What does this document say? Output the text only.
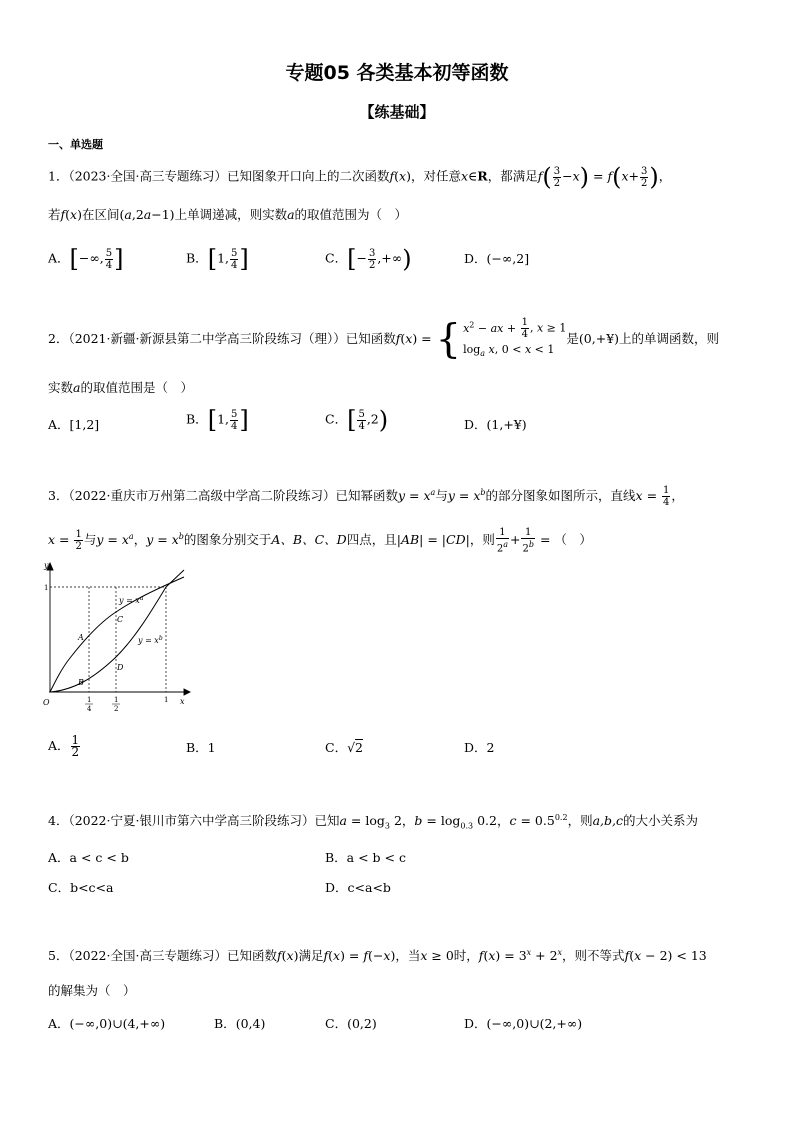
专题05 各类基本初等函数
【练基础】
一、单选题
1．（2023·全国·高三专题练习）已知图象开口向上的二次函数f(x)，对任意x∈R，都满足$f( \frac{3}{2} -x) = f(x+ \frac{3}{2}$ )，
若f(x)在区间(a,2a−1)上单调递减，则实数a的取值范围为（　）
A．[−∞, $\frac{5}{4}$ ]	B．[1, $\frac{5}{4}$ ]	C．[− $\frac{3}{2}$ ,+∞)	D．(−∞,2]
2．（2021·新疆·新源县第二中学高三阶段练习（理））已知函数f(x) = { $x^2$ − ax + $\frac{1}{4}$ , x ≥ 1
$\log_a x$, 0 < x < 1是(0,+¥)上的单调函数，则
实数a的取值范围是（　）
A．[1,2]	B．[1, $\frac{5}{4}$ ]	C．[ $\frac{5}{4} ,2$)	D．(1,+¥)
3．（2022·重庆市万州第二高级中学高二阶段练习）已知幂函数$y = x^a$与$y = x^b$的部分图象如图所示，直线$x = \frac{1}{4}$ ，
$x = \frac{1}{2}$ 与$y = x^a$，$y = x^b$的图象分别交于A、B、C、D四点，且|AB| = |CD|，则 $\frac{1}{2^a} + \frac{1}{2^b}$ = （　）
y
x
O
A
B
C
D
$y = x^a$
$y = x^b$
1
1
4
1
2
1
A． $\frac{1}{2}$	B．1	C．√2	D．2
4．（2022·宁夏·银川市第六中学高三阶段练习）已知$a = \log_3 2$，$b = \log_{0.3} 0.2$，$c = 0.5^{0.2}$，则a,b,c的大小关系为
A．a < c < b	B．a < b < c
C．b<c<a	D．c<a<b
5．（2022·全国·高三专题练习）已知函数f(x)满足f(x) = f(−x)，当x ≥ 0时，$f(x) = 3^x + 2^x$，则不等式f(x − 2) < 13
的解集为（　）
A．(−∞,0)∪(4,+∞)	B．(0,4)	C．(0,2)	D．(−∞,0)∪(2,+∞)
